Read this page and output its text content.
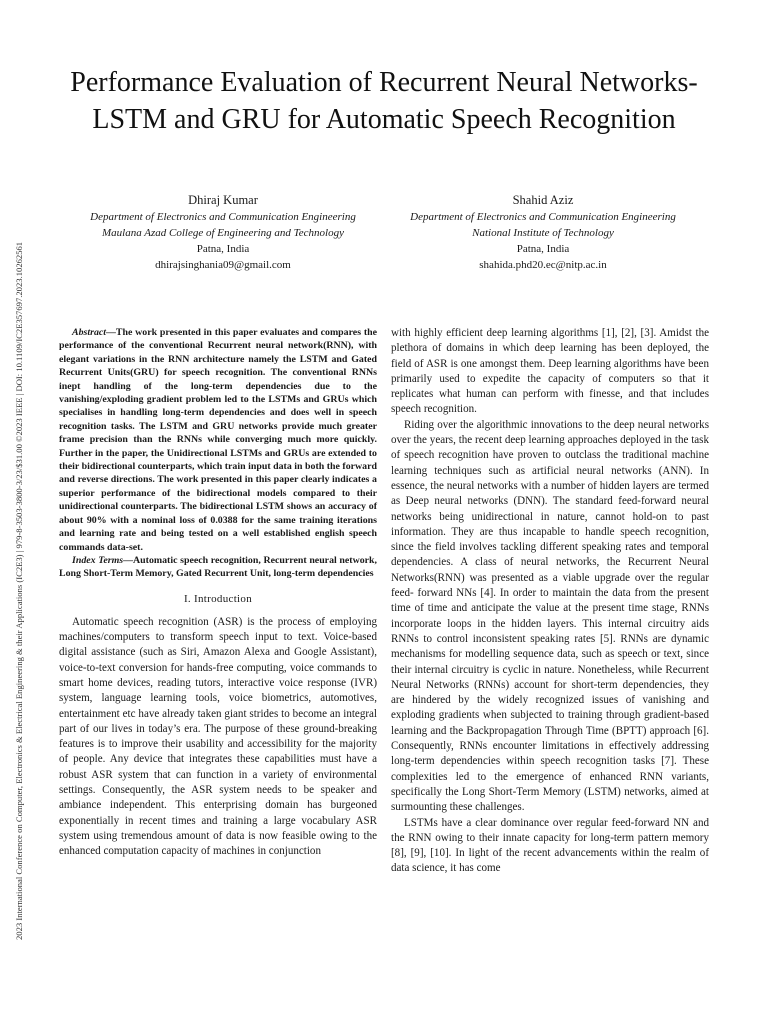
2023 International Conference on Computer, Electronics & Electrical Engineering & their Applications (IC2E3) | 979-8-3503-3800-3/23/$31.00 ©2023 IEEE | DOI: 10.1109/IC2E357697.2023.10262561
Performance Evaluation of Recurrent Neural Networks- LSTM and GRU for Automatic Speech Recognition
Dhiraj Kumar
Department of Electronics and Communication Engineering
Maulana Azad College of Engineering and Technology
Patna, India
dhirajsinghania09@gmail.com
Shahid Aziz
Department of Electronics and Communication Engineering
National Institute of Technology
Patna, India
shahida.phd20.ec@nitp.ac.in

Abstract—The work presented in this paper evaluates and compares the performance of the conventional Recurrent neural network(RNN), with elegant variations in the RNN architecture namely the LSTM and Gated Recurrent Units(GRU) for speech recognition. The conventional RNNs inept handling of the long-term dependencies due to the vanishing/exploding gradient problem led to the LSTMs and GRUs which specialises in handling long-term dependencies and does well in speech recognition tasks. The LSTM and GRU networks provide much greater frame precision than the RNNs while converging much more quickly. Further in the paper, the Unidirectional LSTMs and GRUs are extended to their bidirectional counterparts, which train input data in both the forward and reverse directions. The work presented in this paper clearly indicates a superior performance of the bidirectional models compared to their unidirectional counterparts. The bidirectional LSTM shows an accuracy of about 90% with a nominal loss of 0.0388 for the same training iterations and learning rate and being tested on a well established english speech commands data-set.

Index Terms—Automatic speech recognition, Recurrent neural network, Long Short-Term Memory, Gated Recurrent Unit, long-term dependencies

I. Introduction

Automatic speech recognition (ASR) is the process of employing machines/computers to transform speech input to text. Voice-based digital assistance (such as Siri, Amazon Alexa and Google Assistant), voice-to-text conversion for hands-free computing, voice commands to smart home devices, reading tutors, interactive voice response (IVR) system, language learning tools, voice biometrics, automotives, entertainment etc have already taken giant strides to become an integral part of our lives in today’s era. The purpose of these ground-breaking features is to improve their usability and accessibility for the majority of people. Any device that integrates these capabilities must have a robust ASR system that can function in a variety of environmental settings. Consequently, the ASR system needs to be speaker and ambiance independent. This enterprising domain has burgeoned exponentially in recent times and training a large vocabulary ASR system using tremendous amount of data is now feasible owing to the enhanced computation capacity of machines in conjunction

with highly efficient deep learning algorithms [1], [2], [3]. Amidst the plethora of domains in which deep learning has been deployed, the field of ASR is one amongst them. Deep learning algorithms have been primarily used to expedite the capacity of computers so that it replicates what human can perform with finesse, and that includes speech recognition.

Riding over the algorithmic innovations to the deep neural networks over the years, the recent deep learning approaches deployed in the task of speech recognition have proven to outclass the traditional machine learning techniques such as artificial neural networks (ANN). In essence, the neural networks with a number of hidden layers are termed as Deep neural networks (DNN). The standard feed-forward neural networks being unidirectional in nature, cannot hold-on to past information. They are thus incapable to handle speech recognition, since the field involves tackling different speaking rates and temporal dependencies. A class of neural networks, the Recurrent Neural Networks(RNN) was presented as a viable upgrade over the regular feed- forward NNs [4]. In order to maintain the data from the present time of time and anticipate the value at the present time stage, RNNs incorporate loops in the hidden layers. This internal circuitry aids RNNs to control inconsistent speaking rates [5]. RNNs are dynamic mechanisms for modelling sequence data, such as speech or text, since their internal circuitry is cyclic in nature. Nonetheless, while Recurrent Neural Networks (RNNs) account for short-term dependencies, they are hindered by the widely recognized issues of vanishing and exploding gradients when subjected to training through gradient-based learning and the Backpropagation Through Time (BPTT) approach [6]. Consequently, RNNs encounter limitations in effectively addressing long-term dependencies within speech recognition tasks [7]. These complexities led to the emergence of enhanced RNN variants, specifically the Long Short-Term Memory (LSTM) networks, aimed at surmounting these challenges.

LSTMs have a clear dominance over regular feed-forward NN and the RNN owing to their innate capacity for long-term pattern memory [8], [9], [10]. In light of the recent advancements within the realm of data science, it has come
